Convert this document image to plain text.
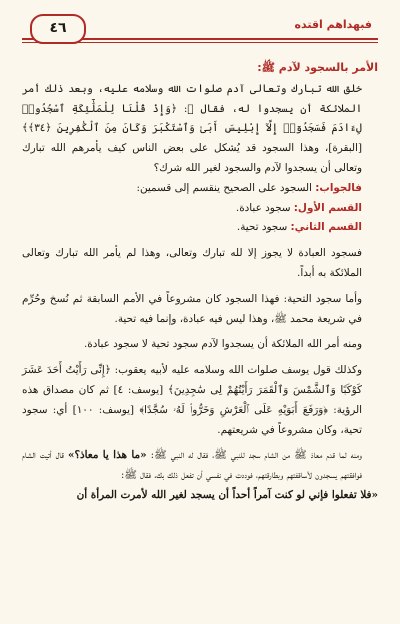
فبهداهم اقتده
٤٦
الأمر بالسجود لآدم ﷺ:

خلق الله تبارك وتعالى آدم صلوات الله وسلامه عليه، وبعد ذلك أمر الملائكة أن يسجدوا له، فقال ﷺ: ﴿وَإِذْ قُلْنَا لِلْمَلَٰٓئِكَةِ ٱسْجُدُوا۟ لِءَادَمَ فَسَجَدُوٓا۟ إِلَّآ إِبْلِيسَ أَبَىٰ وَٱسْتَكْبَرَ وَكَانَ مِنَ ٱلْكَٰفِرِينَ ﴿٣٤﴾﴾ [البقرة]، وهذا السجود قد يُشكل على بعض الناس كيف يأمرهم الله تبارك وتعالى أن يسجدوا لآدم والسجود لغير الله شرك؟

فالجواب: السجود على الصحيح ينقسم إلى قسمين:

القسم الأول: سجود عبادة.

القسم الثاني: سجود تحية.

فسجود العبادة لا يجوز إلا لله تبارك وتعالى، وهذا لم يأمر الله تبارك وتعالى الملائكة به أبداً.

وأما سجود التحية: فهذا السجود كان مشروعاً في الأمم السابقة ثم نُسخ وحُرِّم في شريعة محمد ﷺ، وهذا ليس فيه عبادة، وإنما فيه تحية.

ومنه أمر الله الملائكة أن يسجدوا لآدم سجود تحية لا سجود عبادة.

وكذلك قول يوسف صلوات الله وسلامه عليه لأبيه يعقوب: ﴿إِنِّى رَأَيْتُ أَحَدَ عَشَرَ كَوْكَبًا وَٱلشَّمْسَ وَٱلْقَمَرَ رَأَيْتُهُمْ لِى سَٰجِدِينَ﴾ [يوسف: ٤] ثم كان مصداق هذه الرؤية: ﴿وَرَفَعَ أَبَوَيْهِ عَلَى ٱلْعَرْشِ وَخَرُّوا۟ لَهُۥ سُجَّدًا﴾ [يوسف: ١٠٠] أي: سجود تحية، وكان مشروعاً في شريعتهم.

ومنه لما قدم معاذ ﷺ من الشام سجد للنبي ﷺ، فقال له النبي ﷺ: «ما هذا يا معاذ؟» قال أتيت الشام فوافقتهم يسجدون لأساقفتهم وبطارقتهم، فوددت في نفسي أن تفعل ذلك بك، فقال ﷺ:

«فلا تفعلوا فإني لو كنت آمراً أحداً أن يسجد لغير الله لأمرت المرأة أن
